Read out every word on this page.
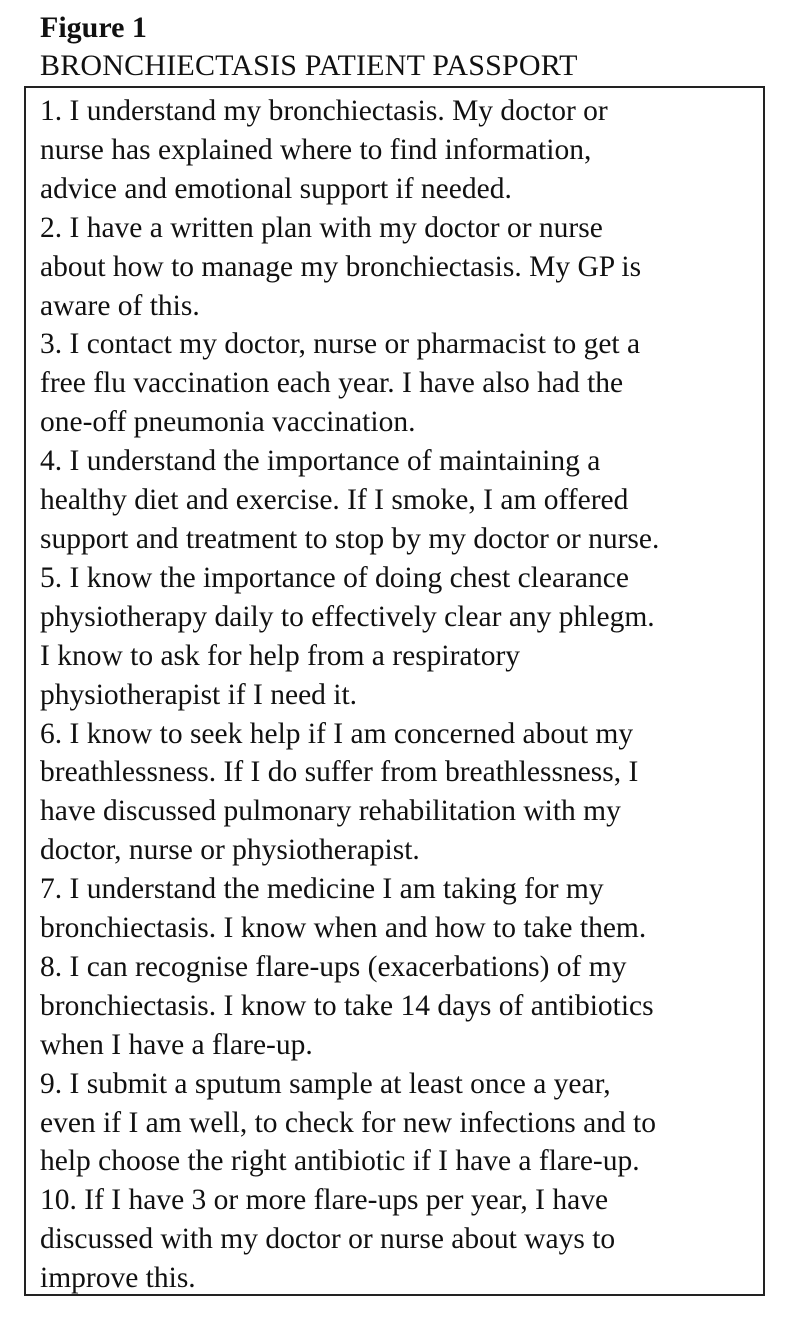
Figure 1
BRONCHIECTASIS PATIENT PASSPORT
1. I understand my bronchiectasis. My doctor or
nurse has explained where to find information,
advice and emotional support if needed.
2. I have a written plan with my doctor or nurse
about how to manage my bronchiectasis. My GP is
aware of this.
3. I contact my doctor, nurse or pharmacist to get a
free flu vaccination each year. I have also had the
one-off pneumonia vaccination.
4. I understand the importance of maintaining a
healthy diet and exercise. If I smoke, I am offered
support and treatment to stop by my doctor or nurse.
5. I know the importance of doing chest clearance
physiotherapy daily to effectively clear any phlegm.
I know to ask for help from a respiratory
physiotherapist if I need it.
6. I know to seek help if I am concerned about my
breathlessness. If I do suffer from breathlessness, I
have discussed pulmonary rehabilitation with my
doctor, nurse or physiotherapist.
7. I understand the medicine I am taking for my
bronchiectasis. I know when and how to take them.
8. I can recognise flare-ups (exacerbations) of my
bronchiectasis. I know to take 14 days of antibiotics
when I have a flare-up.
9. I submit a sputum sample at least once a year,
even if I am well, to check for new infections and to
help choose the right antibiotic if I have a flare-up.
10. If I have 3 or more flare-ups per year, I have
discussed with my doctor or nurse about ways to
improve this.
